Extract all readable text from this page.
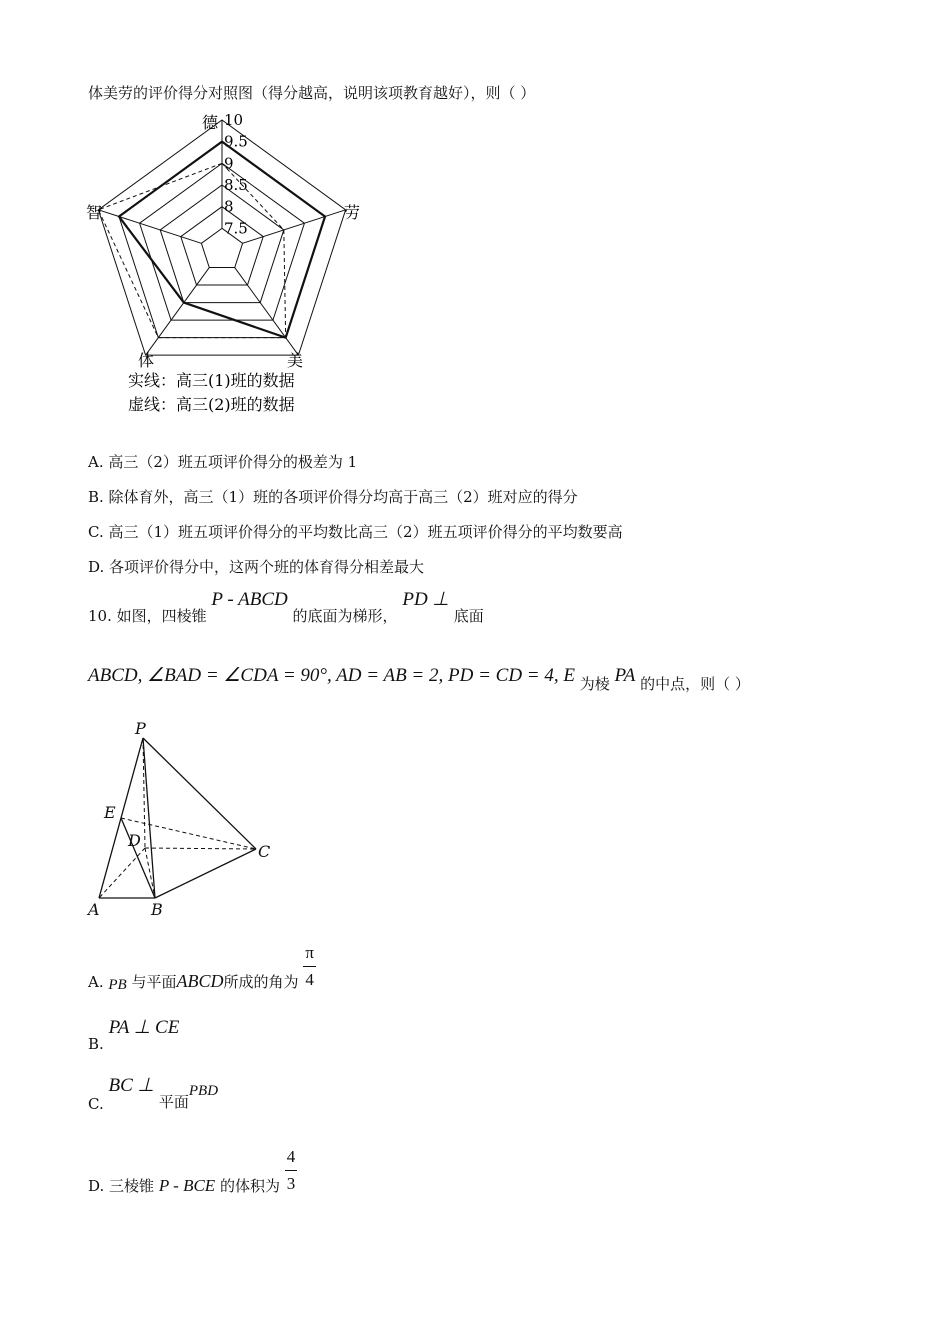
体美劳的评价得分对照图（得分越高，说明该项教育越好），则（ ）
10
9.5
9
8.5
8
7.5
德
劳
美
体
智
实线：高三(1)班的数据
虚线：高三(2)班的数据
A. 高三（2）班五项评价得分的极差为 1
B. 除体育外，高三（1）班的各项评价得分均高于高三（2）班对应的得分
C. 高三（1）班五项评价得分的平均数比高三（2）班五项评价得分的平均数要高
D. 各项评价得分中，这两个班的体育得分相差最大
10. 如图，四棱锥 P - ABCD 的底面为梯形， PD ⊥ 底面
ABCD, ∠BAD = ∠CDA = 90°, AD = AB = 2, PD = CD = 4, E 为棱 PA 的中点，则（ ）
P
E
D
C
A	B
A. PB 与平面ABCD所成的角为 $\frac{\pi}{4}$
B. PA ⊥ CE
C. BC ⊥ 平面PBD
D. 三棱锥 P - BCE 的体积为 $\frac{4}{3}$
